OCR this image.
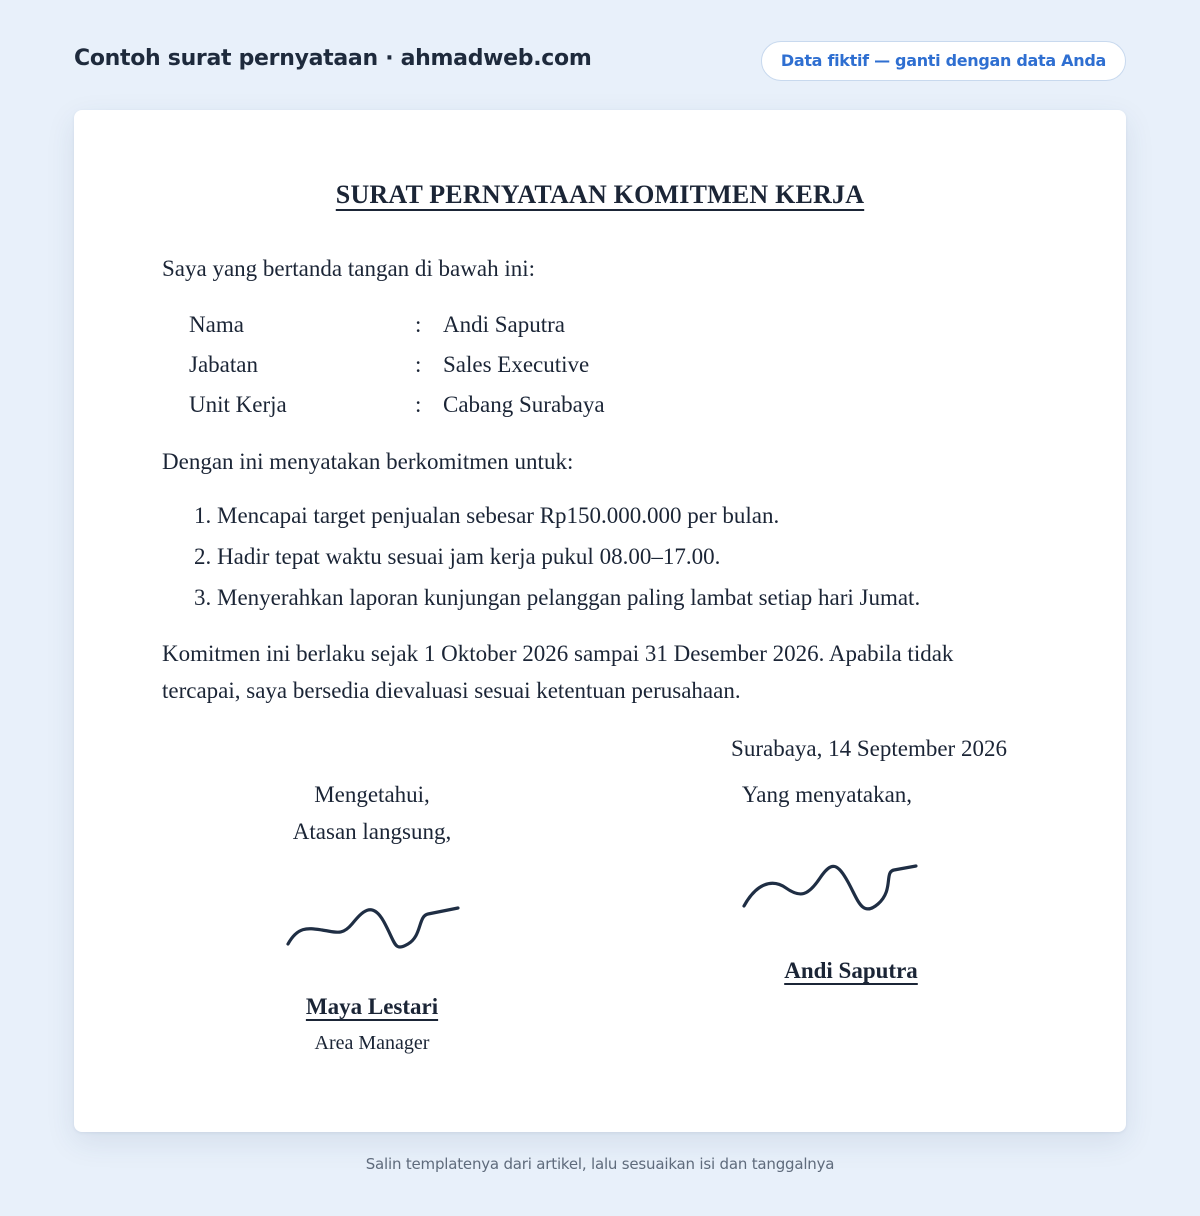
Contoh surat pernyataan · ahmadweb.com	Data fiktif — ganti dengan data Anda
SURAT PERNYATAAN KOMITMEN KERJA
Saya yang bertanda tangan di bawah ini:
Nama	: Andi Saputra
Jabatan	: Sales Executive
Unit Kerja	: Cabang Surabaya
Dengan ini menyatakan berkomitmen untuk:
1. Mencapai target penjualan sebesar Rp150.000.000 per bulan.
2. Hadir tepat waktu sesuai jam kerja pukul 08.00–17.00.
3. Menyerahkan laporan kunjungan pelanggan paling lambat setiap hari Jumat.
Komitmen ini berlaku sejak 1 Oktober 2026 sampai 31 Desember 2026. Apabila tidak tercapai, saya bersedia dievaluasi sesuai ketentuan perusahaan.
Surabaya, 14 September 2026
Yang menyatakan,
Andi Saputra
Mengetahui,
Atasan langsung,
Maya Lestari
Area Manager
Salin templatenya dari artikel, lalu sesuaikan isi dan tanggalnya
